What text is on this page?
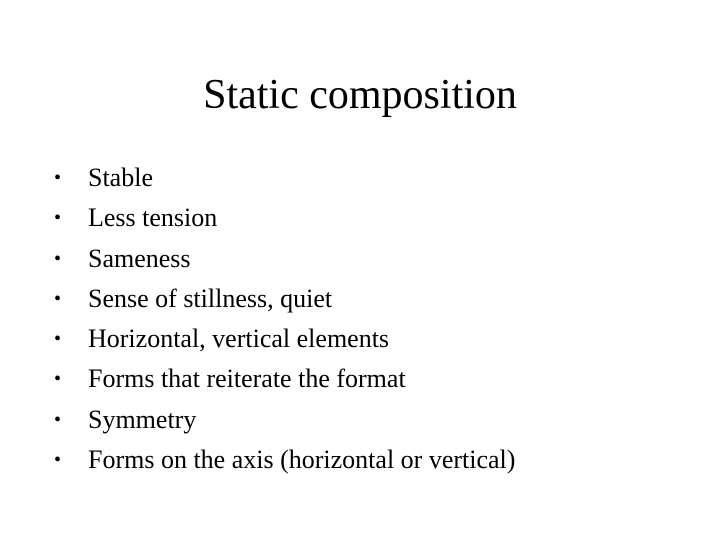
Static composition
•	Stable
•	Less tension
•	Sameness
•	Sense of stillness, quiet
•	Horizontal, vertical elements
•	Forms that reiterate the format
•	Symmetry
•	Forms on the axis (horizontal or vertical)
